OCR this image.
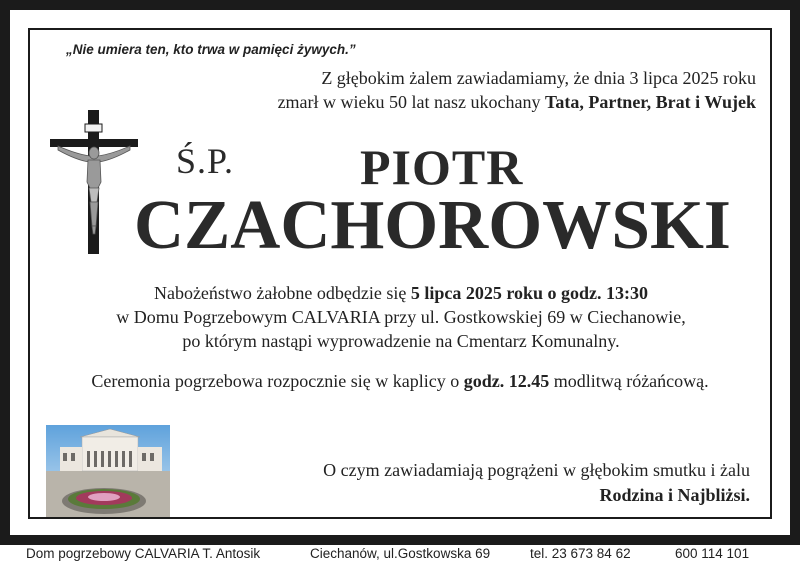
„Nie umiera ten, kto trwa w pamięci żywych.”
Z głębokim żalem zawiadamiamy, że dnia 3 lipca 2025 roku
zmarł w wieku 50 lat nasz ukochany Tata, Partner, Brat i Wujek
Ś.P.	PIOTR
CZACHOROWSKI
Nabożeństwo żałobne odbędzie się 5 lipca 2025 roku o godz. 13:30
w Domu Pogrzebowym CALVARIA przy ul. Gostkowskiej 69 w Ciechanowie,
po którym nastąpi wyprowadzenie na Cmentarz Komunalny.
Ceremonia pogrzebowa rozpocznie się w kaplicy o godz. 12.45 modlitwą różańcową.
O czym zawiadamiają pogrążeni w głębokim smutku i żalu
Rodzina i Najbliżsi.
Dom pogrzebowy CALVARIA T. Antosik	Ciechanów, ul.Gostkowska 69	tel. 23 673 84 62	600 114 101
